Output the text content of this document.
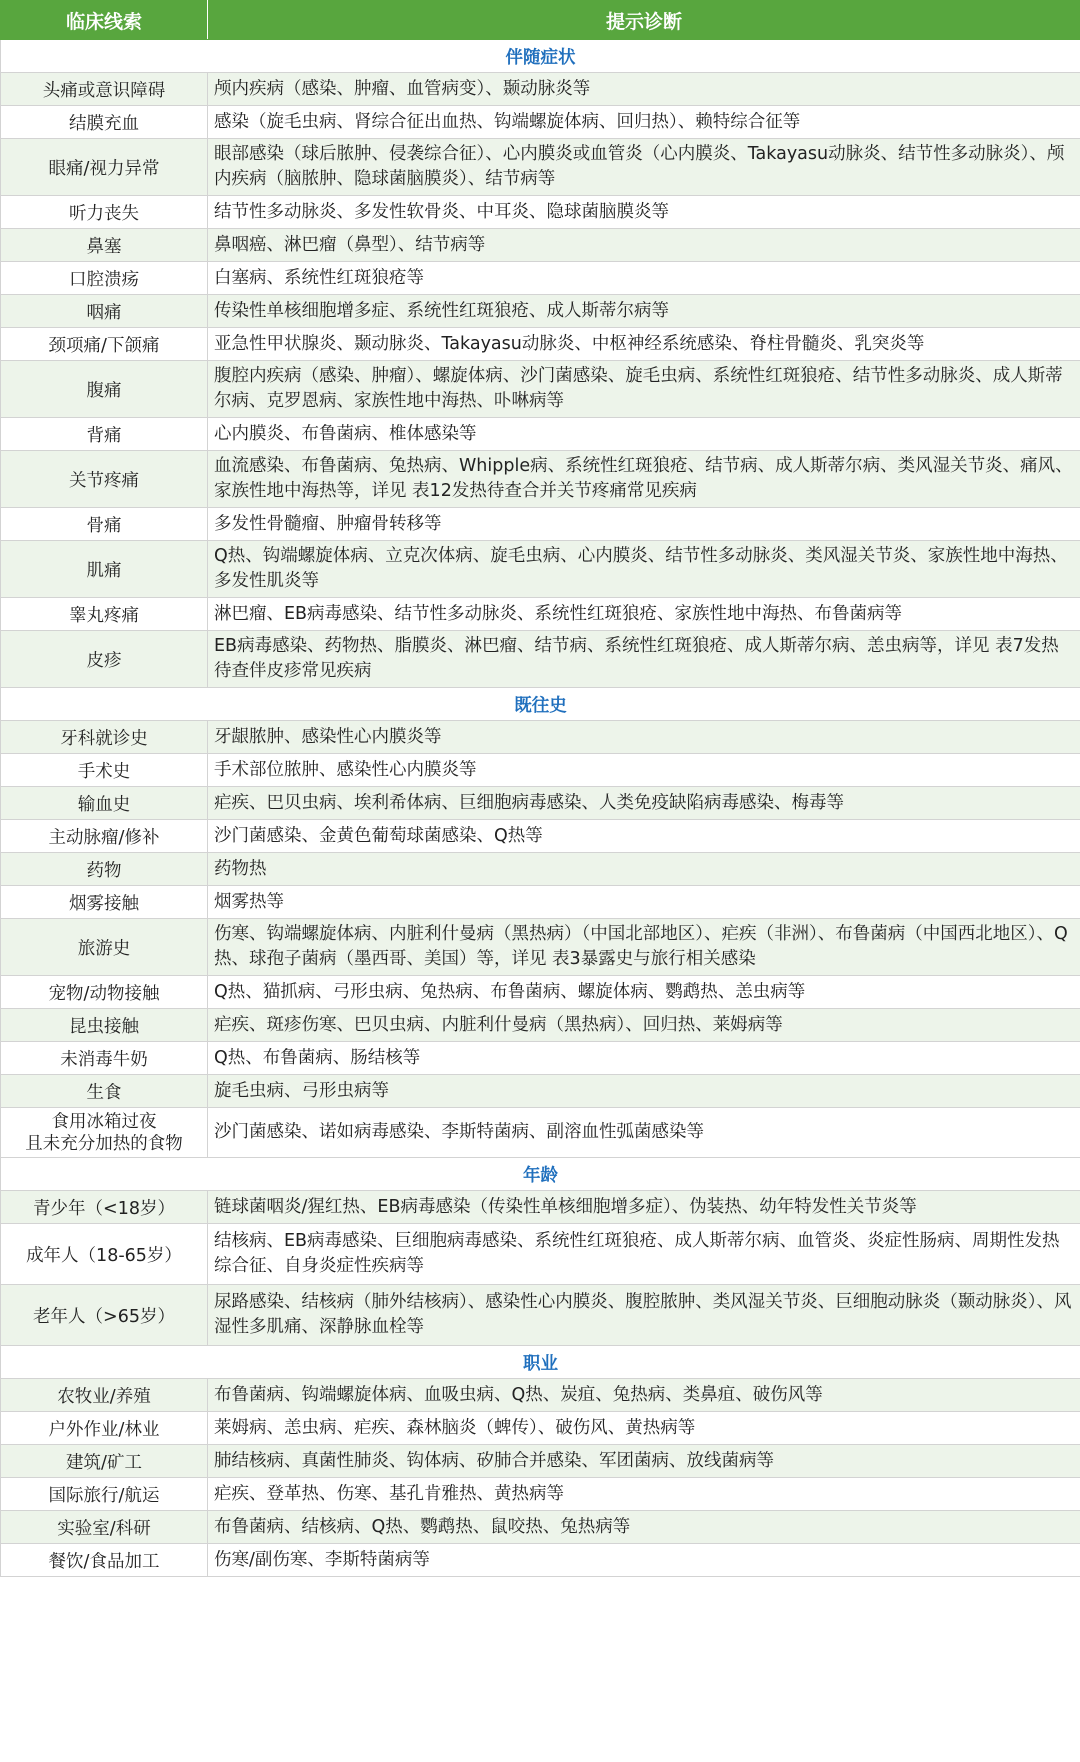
临床线索	提示诊断
伴随症状	
头痛或意识障碍	颅内疾病（感染、肿瘤、血管病变）、颞动脉炎等
结膜充血	感染（旋毛虫病、肾综合征出血热、钩端螺旋体病、回归热）、赖特综合征等
眼痛/视力异常	眼部感染（球后脓肿、侵袭综合征）、心内膜炎或血管炎（心内膜炎、Takayasu动脉炎、结节性多动脉炎）、颅内疾病（脑脓肿、隐球菌脑膜炎）、结节病等
听力丧失	结节性多动脉炎、多发性软骨炎、中耳炎、隐球菌脑膜炎等
鼻塞	鼻咽癌、淋巴瘤（鼻型）、结节病等
口腔溃疡	白塞病、系统性红斑狼疮等
咽痛	传染性单核细胞增多症、系统性红斑狼疮、成人斯蒂尔病等
颈项痛/下颌痛	亚急性甲状腺炎、颞动脉炎、Takayasu动脉炎、中枢神经系统感染、脊柱骨髓炎、乳突炎等
腹痛	腹腔内疾病（感染、肿瘤）、螺旋体病、沙门菌感染、旋毛虫病、系统性红斑狼疮、结节性多动脉炎、成人斯蒂尔病、克罗恩病、家族性地中海热、卟啉病等
背痛	心内膜炎、布鲁菌病、椎体感染等
关节疼痛	血流感染、布鲁菌病、兔热病、Whipple病、系统性红斑狼疮、结节病、成人斯蒂尔病、类风湿关节炎、痛风、家族性地中海热等，详见 表12发热待查合并关节疼痛常见疾病
骨痛	多发性骨髓瘤、肿瘤骨转移等
肌痛	Q热、钩端螺旋体病、立克次体病、旋毛虫病、心内膜炎、结节性多动脉炎、类风湿关节炎、家族性地中海热、多发性肌炎等
睾丸疼痛	淋巴瘤、EB病毒感染、结节性多动脉炎、系统性红斑狼疮、家族性地中海热、布鲁菌病等
皮疹	EB病毒感染、药物热、脂膜炎、淋巴瘤、结节病、系统性红斑狼疮、成人斯蒂尔病、恙虫病等，详见 表7发热待查伴皮疹常见疾病
既往史	
牙科就诊史	牙龈脓肿、感染性心内膜炎等
手术史	手术部位脓肿、感染性心内膜炎等
输血史	疟疾、巴贝虫病、埃利希体病、巨细胞病毒感染、人类免疫缺陷病毒感染、梅毒等
主动脉瘤/修补	沙门菌感染、金黄色葡萄球菌感染、Q热等
药物	药物热
烟雾接触	烟雾热等
旅游史	伤寒、钩端螺旋体病、内脏利什曼病（黑热病）（中国北部地区）、疟疾（非洲）、布鲁菌病（中国西北地区）、Q热、球孢子菌病（墨西哥、美国）等，详见 表3暴露史与旅行相关感染
宠物/动物接触	Q热、猫抓病、弓形虫病、兔热病、布鲁菌病、螺旋体病、鹦鹉热、恙虫病等
昆虫接触	疟疾、斑疹伤寒、巴贝虫病、内脏利什曼病（黑热病）、回归热、莱姆病等
未消毒牛奶	Q热、布鲁菌病、肠结核等
生食	旋毛虫病、弓形虫病等
食用冰箱过夜
且未充分加热的食物	沙门菌感染、诺如病毒感染、李斯特菌病、副溶血性弧菌感染等
年龄	
青少年（<18岁）	链球菌咽炎/猩红热、EB病毒感染（传染性单核细胞增多症）、伪装热、幼年特发性关节炎等
成年人（18-65岁）	结核病、EB病毒感染、巨细胞病毒感染、系统性红斑狼疮、成人斯蒂尔病、血管炎、炎症性肠病、周期性发热综合征、自身炎症性疾病等
老年人（>65岁）	尿路感染、结核病（肺外结核病）、感染性心内膜炎、腹腔脓肿、类风湿关节炎、巨细胞动脉炎（颞动脉炎）、风湿性多肌痛、深静脉血栓等
职业	
农牧业/养殖	布鲁菌病、钩端螺旋体病、血吸虫病、Q热、炭疽、兔热病、类鼻疽、破伤风等
户外作业/林业	莱姆病、恙虫病、疟疾、森林脑炎（蜱传）、破伤风、黄热病等
建筑/矿工	肺结核病、真菌性肺炎、钩体病、矽肺合并感染、军团菌病、放线菌病等
国际旅行/航运	疟疾、登革热、伤寒、基孔肯雅热、黄热病等
实验室/科研	布鲁菌病、结核病、Q热、鹦鹉热、鼠咬热、兔热病等
餐饮/食品加工	伤寒/副伤寒、李斯特菌病等
